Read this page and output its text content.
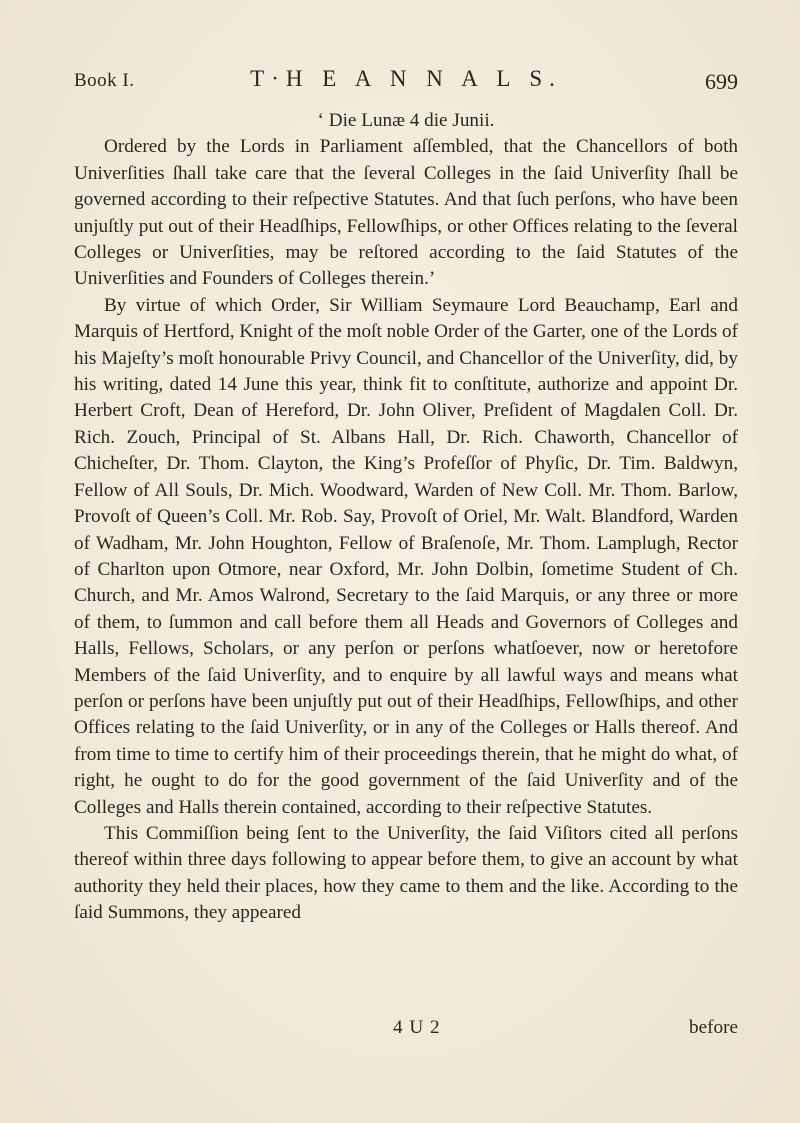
Book I.	T·H E A N N A L S.	699

‘ Die Lunæ 4 die Junii.

Ordered by the Lords in Parliament aſſembled, that the Chancellors of both Univerſities ſhall take care that the ſeveral Colleges in the ſaid Univerſity ſhall be governed according to their reſpective Statutes. And that ſuch perſons, who have been unjuſtly put out of their Headſhips, Fellowſhips, or other Offices relating to the ſeveral Colleges or Univerſities, may be reſtored according to the ſaid Statutes of the Univerſities and Founders of Colleges therein.’

By virtue of which Order, Sir William Seymaure Lord Beauchamp, Earl and Marquis of Hertford, Knight of the moſt noble Order of the Garter, one of the Lords of his Majeſty’s moſt honourable Privy Council, and Chancellor of the Univerſity, did, by his writing, dated 14 June this year, think fit to conſtitute, authorize and appoint Dr. Herbert Croft, Dean of Hereford, Dr. John Oliver, Preſident of Magdalen Coll. Dr. Rich. Zouch, Principal of St. Albans Hall, Dr. Rich. Chaworth, Chancellor of Chicheſter, Dr. Thom. Clayton, the King’s Profeſſor of Phyſic, Dr. Tim. Baldwyn, Fellow of All Souls, Dr. Mich. Woodward, Warden of New Coll. Mr. Thom. Barlow, Provoſt of Queen’s Coll. Mr. Rob. Say, Provoſt of Oriel, Mr. Walt. Blandford, Warden of Wadham, Mr. John Houghton, Fellow of Braſenoſe, Mr. Thom. Lamplugh, Rector of Charlton upon Otmore, near Oxford, Mr. John Dolbin, ſometime Student of Ch. Church, and Mr. Amos Walrond, Secretary to the ſaid Marquis, or any three or more of them, to ſummon and call before them all Heads and Governors of Colleges and Halls, Fellows, Scholars, or any perſon or perſons whatſoever, now or heretofore Members of the ſaid Univerſity, and to enquire by all lawful ways and means what perſon or perſons have been unjuſtly put out of their Headſhips, Fellowſhips, and other Offices relating to the ſaid Univerſity, or in any of the Colleges or Halls thereof. And from time to time to certify him of their proceedings therein, that he might do what, of right, he ought to do for the good government of the ſaid Univerſity and of the Colleges and Halls therein contained, according to their reſpective Statutes.

This Commiſſion being ſent to the Univerſity, the ſaid Viſitors cited all perſons thereof within three days following to appear before them, to give an account by what authority they held their places, how they came to them and the like. According to the ſaid Summons, they appeared

4 U 2	before
